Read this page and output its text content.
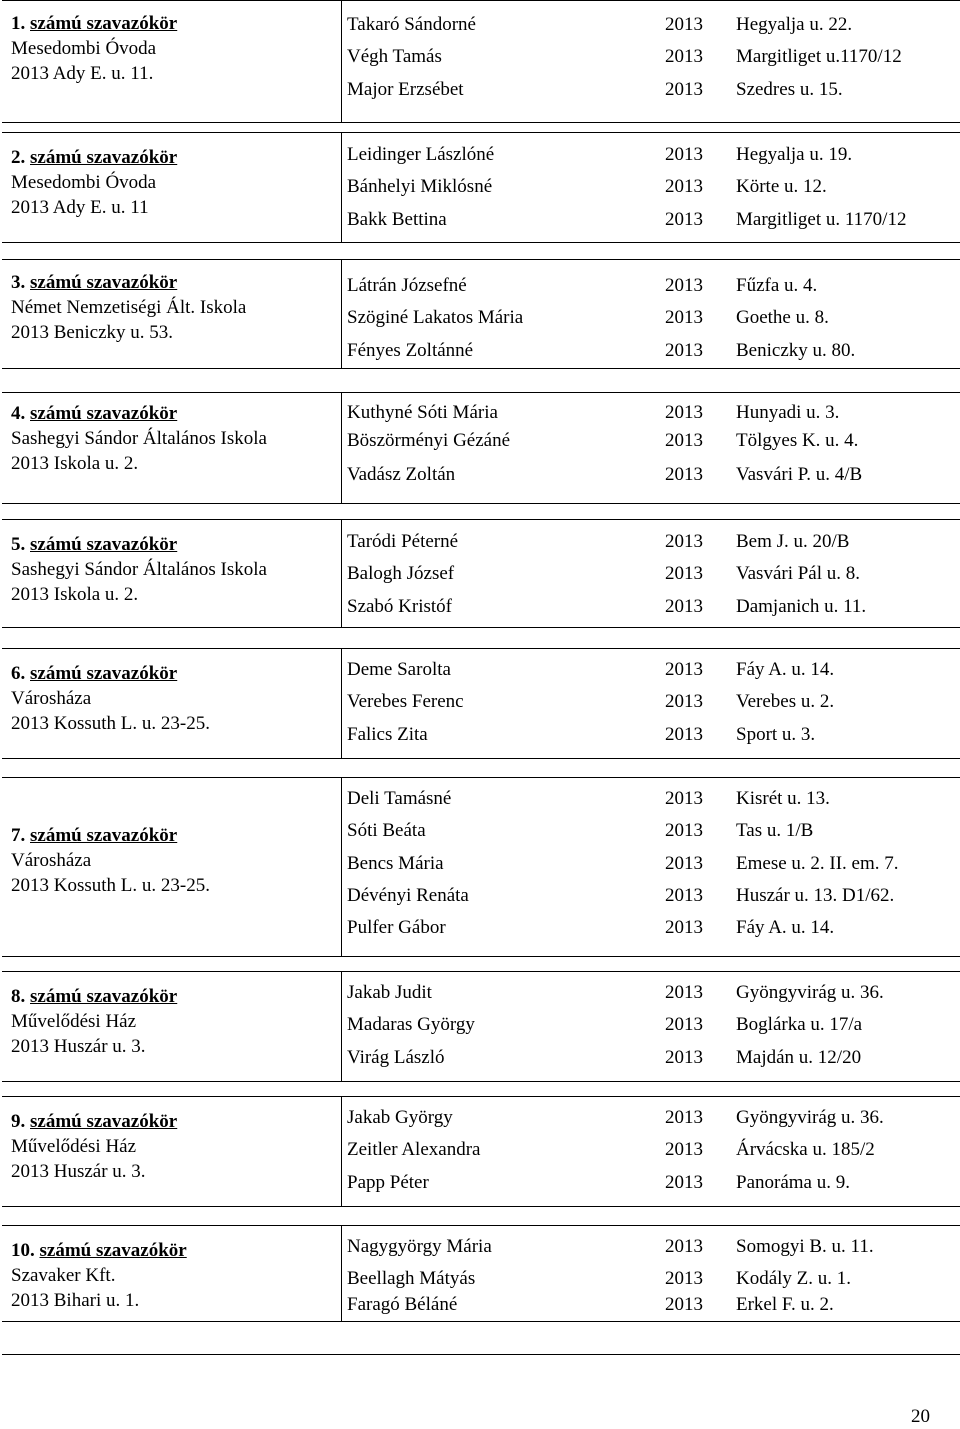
1. számú szavazókör
Mesedombi Óvoda
2013 Ady E. u. 11.
Takaró Sándorné	2013 Hegyalja u. 22.
Végh Tamás	2013 Margitliget u.1170/12
Major Erzsébet	2013 Szedres u. 15.
2. számú szavazókör
Mesedombi Óvoda
2013 Ady E. u. 11
Leidinger Lászlóné	2013 Hegyalja u. 19.
Bánhelyi Miklósné	2013 Körte u. 12.
Bakk Bettina	2013 Margitliget u. 1170/12
3. számú szavazókör
Német Nemzetiségi Ált. Iskola
2013 Beniczky u. 53.
Látrán Józsefné	2013 Fűzfa u. 4.
Szöginé Lakatos Mária	2013 Goethe u. 8.
Fényes Zoltánné	2013 Beniczky u. 80.
4. számú szavazókör
Sashegyi Sándor Általános Iskola
2013 Iskola u. 2.
Kuthyné Sóti Mária	2013 Hunyadi u. 3.
Böszörményi Gézáné	2013 Tölgyes K. u. 4.
Vadász Zoltán	2013 Vasvári P. u. 4/B
5. számú szavazókör
Sashegyi Sándor Általános Iskola
2013 Iskola u. 2.
Taródi Péterné	2013 Bem J. u. 20/B
Balogh József	2013 Vasvári Pál u. 8.
Szabó Kristóf	2013 Damjanich u. 11.
6. számú szavazókör
Városháza
2013 Kossuth L. u. 23-25.
Deme Sarolta	2013 Fáy A. u. 14.
Verebes Ferenc	2013 Verebes u. 2.
Falics Zita	2013 Sport u. 3.
7. számú szavazókör
Városháza
2013 Kossuth L. u. 23-25.
Deli Tamásné	2013 Kisrét u. 13.
Sóti Beáta	2013 Tas u. 1/B
Bencs Mária	2013 Emese u. 2. II. em. 7.
Dévényi Renáta	2013 Huszár u. 13. D1/62.
Pulfer Gábor	2013 Fáy A. u. 14.
8. számú szavazókör
Művelődési Ház
2013 Huszár u. 3.
Jakab Judit	2013 Gyöngyvirág u. 36.
Madaras György	2013 Boglárka u. 17/a
Virág László	2013 Majdán u. 12/20
9. számú szavazókör
Művelődési Ház
2013 Huszár u. 3.
Jakab György	2013 Gyöngyvirág u. 36.
Zeitler Alexandra	2013 Árvácska u. 185/2
Papp Péter	2013 Panoráma u. 9.
10. számú szavazókör
Szavaker Kft.
2013 Bihari u. 1.
Nagygyörgy Mária	2013 Somogyi B. u. 11.
Beellagh Mátyás	2013 Kodály Z. u. 1.
Faragó Béláné	2013 Erkel F. u. 2.
20
